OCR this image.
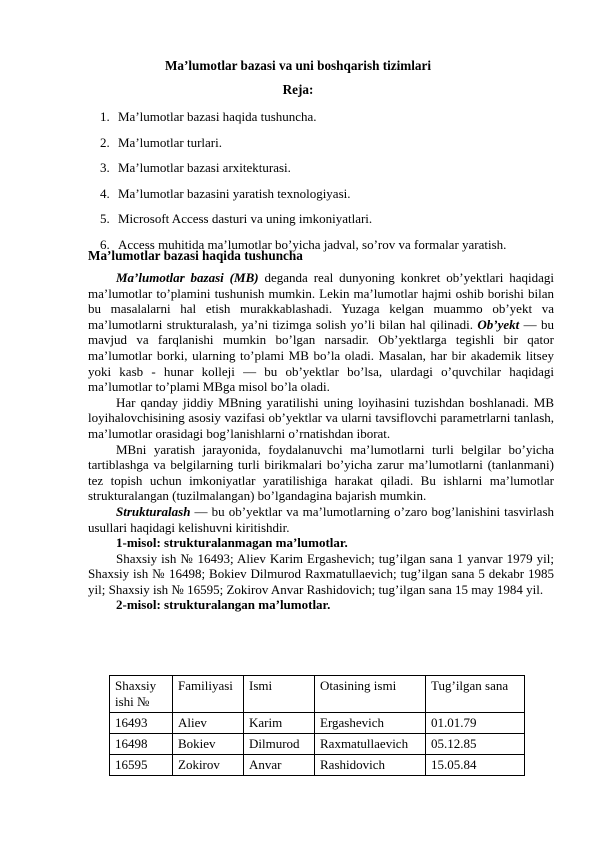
Ma’lumotlar bazasi va uni boshqarish tizimlari
Reja:
1. Ma’lumotlar bazasi haqida tushuncha.
2. Ma’lumotlar turlari.
3. Ma’lumotlar bazasi arxitekturasi.
4. Ma’lumotlar bazasini yaratish texnologiyasi.
5. Microsoft Access dasturi va uning imkoniyatlari.
6. Access muhitida ma’lumotlar bo’yicha jadval, so’rov va formalar yaratish.
Ma’lumotlar bazasi haqida tushuncha

Ma’lumotlar bazasi (MB) deganda real dunyoning konkret ob’yektlari haqidagi ma’lumotlar to’plamini tushunish mumkin. Lekin ma’lumotlar hajmi oshib borishi bilan bu masalalarni hal etish murakkablashadi. Yuzaga kelgan muammo ob’yekt va ma’lumotlarni strukturalash, ya’ni tizimga solish yo’li bilan hal qilinadi. Ob’yekt — bu mavjud va farqlanishi mumkin bo’lgan narsadir. Ob’yektlarga tegishli bir qator ma’lumotlar borki, ularning to’plami MB bo’la oladi. Masalan, har bir akademik litsey yoki kasb - hunar kolleji — bu ob’yektlar bo’lsa, ulardagi o’quvchilar haqidagi ma’lumotlar to’plami MBga misol bo’la oladi.

Har qanday jiddiy MBning yaratilishi uning loyihasini tuzishdan boshlanadi. MB loyihalovchisining asosiy vazifasi ob’yektlar va ularni tavsiflovchi parametrlarni tanlash, ma’lumotlar orasidagi bog’lanishlarni o’rnatishdan iborat.

MBni yaratish jarayonida, foydalanuvchi ma’lumotlarni turli belgilar bo’yicha tartiblashga va belgilarning turli birikmalari bo’yicha zarur ma’lumotlarni (tanlanmani) tez topish uchun imkoniyatlar yaratilishiga harakat qiladi. Bu ishlarni ma’lumotlar strukturalangan (tuzilmalangan) bo’lgandagina bajarish mumkin.

Strukturalash — bu ob’yektlar va ma’lumotlarning o’zaro bog’lanishini tasvirlash usullari haqidagi kelishuvni kiritishdir.

1-misol: strukturalanmagan ma’lumotlar.

Shaxsiy ish № 16493; Aliev Karim Ergashevich; tug’ilgan sana 1 yanvar 1979 yil; Shaxsiy ish № 16498; Bokiev Dilmurod Raxmatullaevich; tug’ilgan sana 5 dekabr 1985 yil; Shaxsiy ish № 16595; Zokirov Anvar Rashidovich; tug’ilgan sana 15 may 1984 yil.

2-misol: strukturalangan ma’lumotlar.

Shaxsiy ishi №	Familiyasi	Ismi	Otasining ismi	Tug’ilgan sana
16493	Aliev	Karim	Ergashevich	01.01.79
16498	Bokiev	Dilmurod	Raxmatullaevich	05.12.85
16595	Zokirov	Anvar	Rashidovich	15.05.84
